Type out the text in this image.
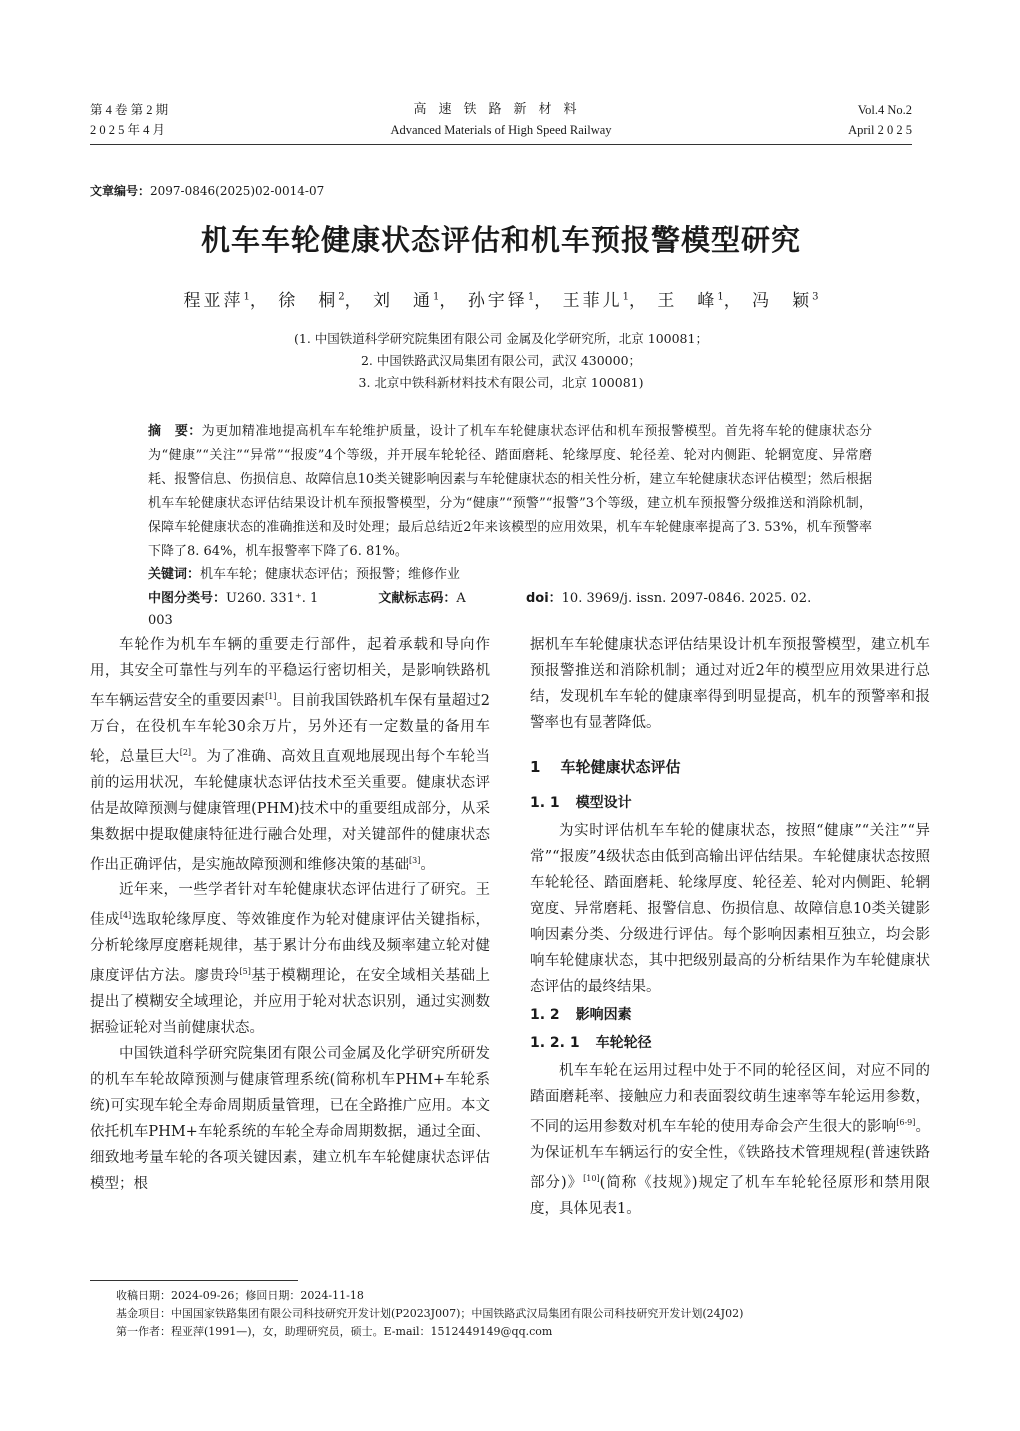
第 4 卷 第 2 期
2 0 2 5 年 4 月
高速铁路新材料
Advanced Materials of High Speed Railway
Vol.4 No.2
April 2 0 2 5
文章编号：2097-0846(2025)02-0014-07
机车车轮健康状态评估和机车预报警模型研究
程亚萍$^1$， 徐　桐$^2$， 刘　通$^1$， 孙宇铎$^1$， 王菲儿$^1$， 王　峰$^1$， 冯　颖$^3$
(1. 中国铁道科学研究院集团有限公司 金属及化学研究所，北京 100081；
2. 中国铁路武汉局集团有限公司，武汉 430000；
3. 北京中铁科新材料技术有限公司，北京 100081)
摘　要：为更加精准地提高机车车轮维护质量，设计了机车车轮健康状态评估和机车预报警模型。首先将车轮的健康状态分为“健康”“关注”“异常”“报废”4个等级，并开展车轮轮径、踏面磨耗、轮缘厚度、轮径差、轮对内侧距、轮辋宽度、异常磨耗、报警信息、伤损信息、故障信息10类关键影响因素与车轮健康状态的相关性分析，建立车轮健康状态评估模型；然后根据机车车轮健康状态评估结果设计机车预报警模型，分为“健康”“预警”“报警”3个等级，建立机车预报警分级推送和消除机制，保障车轮健康状态的准确推送和及时处理；最后总结近2年来该模型的应用效果，机车车轮健康率提高了3. 53%，机车预警率下降了8. 64%，机车报警率下降了6. 81%。
关键词：机车车轮；健康状态评估；预报警；维修作业
中图分类号：U260. 331⁺. 1	文献标志码：A	doi：10. 3969/j. issn. 2097-0846. 2025. 02. 003

车轮作为机车车辆的重要走行部件，起着承载和导向作用，其安全可靠性与列车的平稳运行密切相关，是影响铁路机车车辆运营安全的重要因素[1]。目前我国铁路机车保有量超过2万台，在役机车车轮30余万片，另外还有一定数量的备用车轮，总量巨大[2]。为了准确、高效且直观地展现出每个车轮当前的运用状况，车轮健康状态评估技术至关重要。健康状态评估是故障预测与健康管理(PHM)技术中的重要组成部分，从采集数据中提取健康特征进行融合处理，对关键部件的健康状态作出正确评估，是实施故障预测和维修决策的基础[3]。

近年来，一些学者针对车轮健康状态评估进行了研究。王佳成[4]选取轮缘厚度、等效锥度作为轮对健康评估关键指标，分析轮缘厚度磨耗规律，基于累计分布曲线及频率建立轮对健康度评估方法。廖贵玲[5]基于模糊理论，在安全域相关基础上提出了模糊安全域理论，并应用于轮对状态识别，通过实测数据验证轮对当前健康状态。

中国铁道科学研究院集团有限公司金属及化学研究所研发的机车车轮故障预测与健康管理系统(简称机车PHM+车轮系统)可实现车轮全寿命周期质量管理，已在全路推广应用。本文依托机车PHM+车轮系统的车轮全寿命周期数据，通过全面、细致地考量车轮的各项关键因素，建立机车车轮健康状态评估模型；根

据机车车轮健康状态评估结果设计机车预报警模型，建立机车预报警推送和消除机制；通过对近2年的模型应用效果进行总结，发现机车车轮的健康率得到明显提高，机车的预警率和报警率也有显著降低。

1 车轮健康状态评估
1. 1 模型设计

为实时评估机车车轮的健康状态，按照“健康”“关注”“异常”“报废”4级状态由低到高输出评估结果。车轮健康状态按照车轮轮径、踏面磨耗、轮缘厚度、轮径差、轮对内侧距、轮辋宽度、异常磨耗、报警信息、伤损信息、故障信息10类关键影响因素分类、分级进行评估。每个影响因素相互独立，均会影响车轮健康状态，其中把级别最高的分析结果作为车轮健康状态评估的最终结果。

1. 2 影响因素
1. 2. 1 车轮轮径

机车车轮在运用过程中处于不同的轮径区间，对应不同的踏面磨耗率、接触应力和表面裂纹萌生速率等车轮运用参数，不同的运用参数对机车车轮的使用寿命会产生很大的影响[6-9]。为保证机车车辆运行的安全性，《铁路技术管理规程(普速铁路部分)》[10](简称《技规》)规定了机车车轮轮径原形和禁用限度，具体见表1。

收稿日期：2024-09-26；修回日期：2024-11-18
基金项目：中国国家铁路集团有限公司科技研究开发计划(P2023J007)；中国铁路武汉局集团有限公司科技研究开发计划(24J02)
第一作者：程亚萍(1991—)，女，助理研究员，硕士。E-mail：1512449149@qq.com
